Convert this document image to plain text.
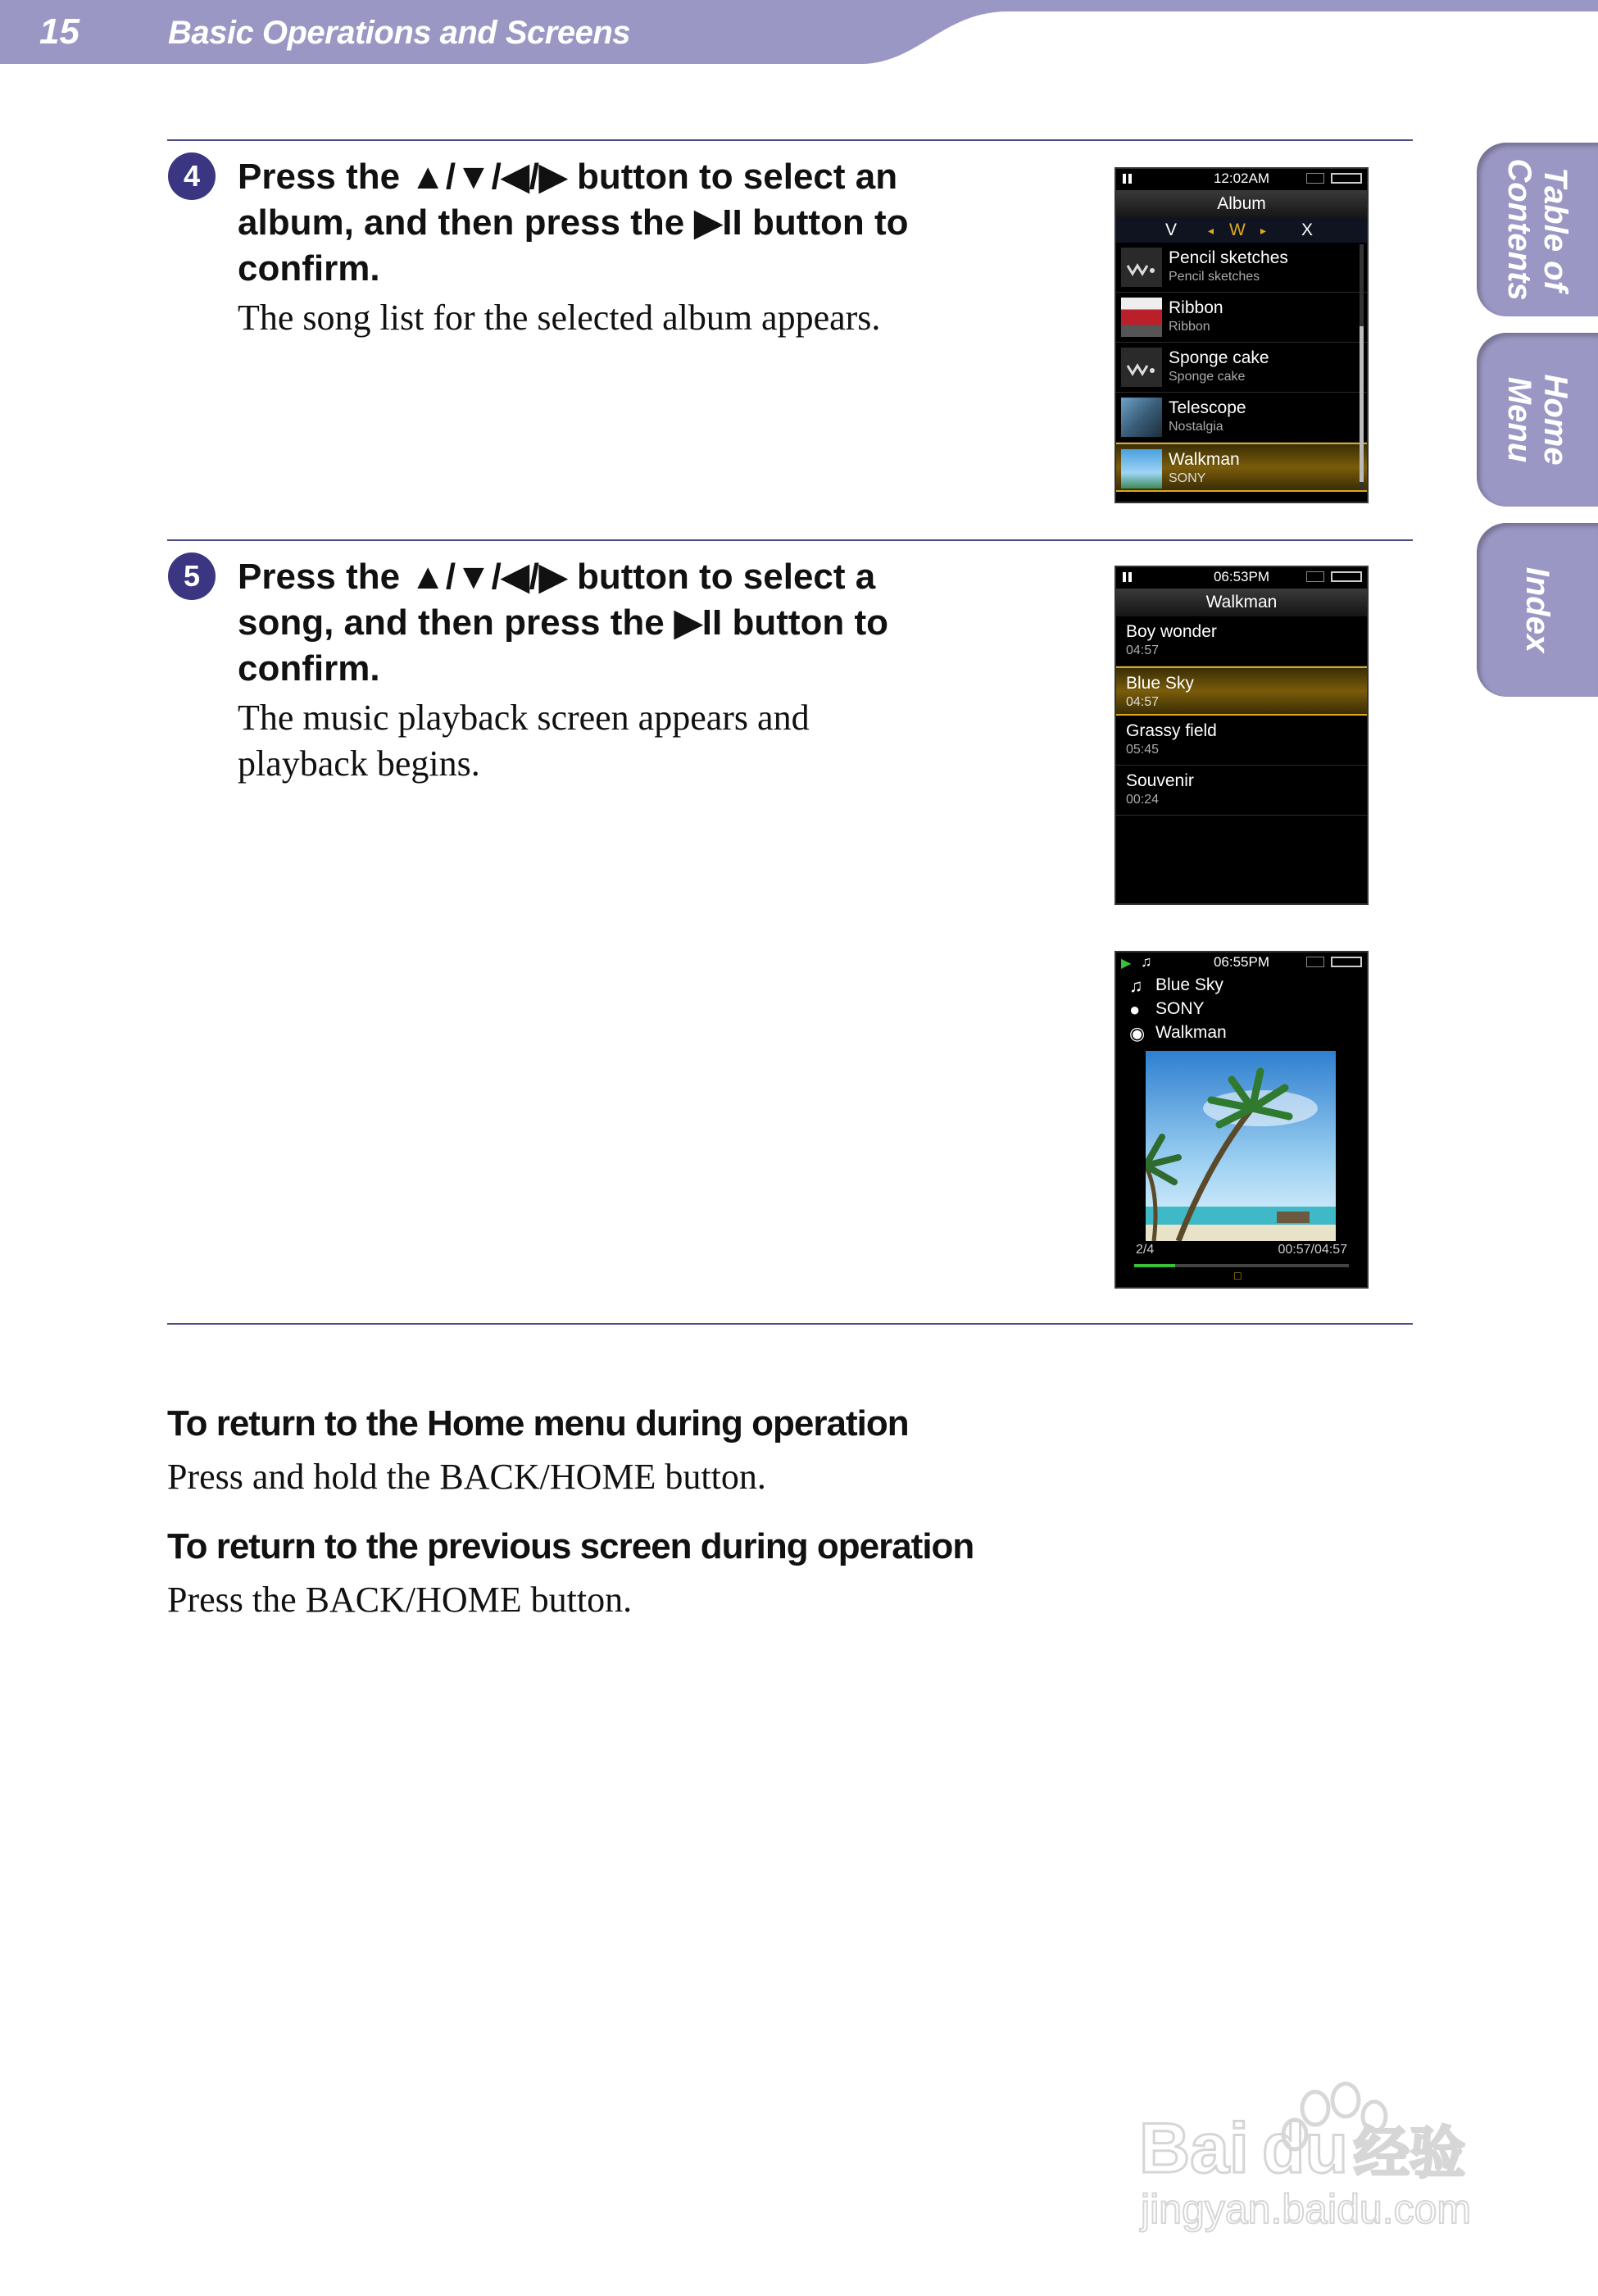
15	Basic Operations and Screens
Table of
Contents
Home
Menu
Index
4	Press the ▲/▼/◀/▶ button to select an
album, and then press the ▶II button to
confirm.
The song list for the selected album appears.
5	Press the ▲/▼/◀/▶ button to select a
song, and then press the ▶II button to
confirm.
The music playback screen appears and
playback begins.
12:02AM
Album
V	◂ W ▸ X
Pencil sketches
Pencil sketches
Ribbon
Ribbon
Sponge cake
Sponge cake
Telescope
Nostalgia
Walkman
SONY
06:53PM
Walkman
Boy wonder
04:57
Blue Sky
04:57
Grassy field
05:45
Souvenir
00:24
▶ ♫	06:55PM
♫ Blue Sky
● SONY
◉ Walkman
2/4	00:57/04:57
□
To return to the Home menu during operation
Press and hold the BACK/HOME button.
To return to the previous screen during operation
Press the BACK/HOME button.
Bai du 经验
jingyan.baidu.com
